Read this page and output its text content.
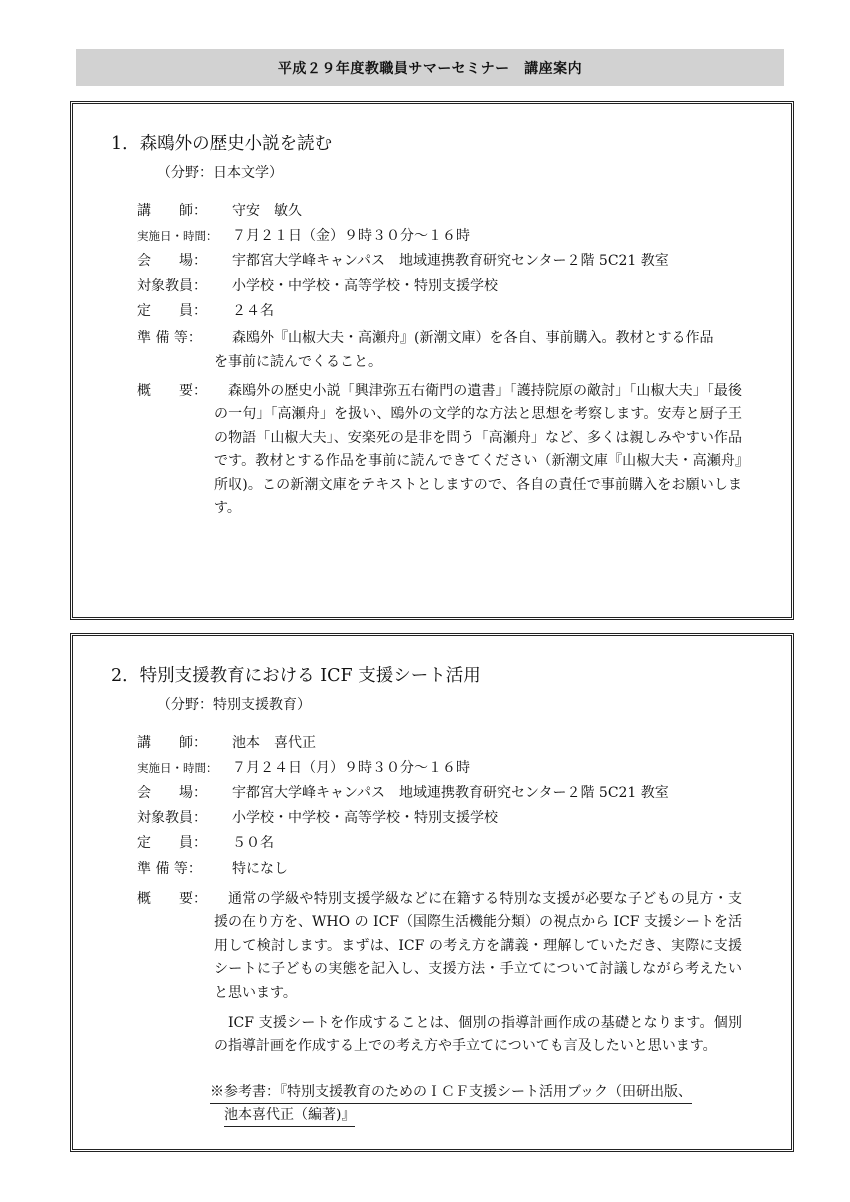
平成２９年度教職員サマーセミナー　講座案内
1．森鴎外の歴史小説を読む
（分野：日本文学）
講　　師： 守安　敏久
実施日・時間： ７月２１日（金）９時３０分～１６時
会　　場： 宇都宮大学峰キャンパス　地域連携教育研究センター２階 5C21 教室
対象教員： 小学校・中学校・高等学校・特別支援学校
定　　員： ２４名
準 備 等： 森鴎外『山椒大夫・高瀬舟』(新潮文庫）を各自、事前購入。教材とする作品
を事前に読んでくること。
概　　要：	森鴎外の歴史小説「興津弥五右衛門の遺書」「護持院原の敵討」「山椒大夫」「最後の一句」「高瀬舟」を扱い、鴎外の文学的な方法と思想を考察します。安寿と厨子王の物語「山椒大夫」、安楽死の是非を問う「高瀬舟」など、多くは親しみやすい作品です。教材とする作品を事前に読んできてください（新潮文庫『山椒大夫・高瀬舟』所収)。この新潮文庫をテキストとしますので、各自の責任で事前購入をお願いします。

2．特別支援教育における ICF 支援シート活用
（分野：特別支援教育）
講　　師： 池本　喜代正
実施日・時間： ７月２４日（月）９時３０分～１６時
会　　場： 宇都宮大学峰キャンパス　地域連携教育研究センター２階 5C21 教室
対象教員： 小学校・中学校・高等学校・特別支援学校
定　　員： ５０名
準 備 等： 特になし
概　　要：	通常の学級や特別支援学級などに在籍する特別な支援が必要な子どもの見方・支援の在り方を、WHO の ICF（国際生活機能分類）の視点から ICF 支援シートを活用して検討します。まずは、ICF の考え方を講義・理解していただき、実際に支援シートに子どもの実態を記入し、支援方法・手立てについて討議しながら考えたいと思います。

ICF 支援シートを作成することは、個別の指導計画作成の基礎となります。個別の指導計画を作成する上での考え方や手立てについても言及したいと思います。

※参考書：『特別支援教育のためのＩＣＦ支援シート活用ブック（田研出版、
池本喜代正（編著)』
